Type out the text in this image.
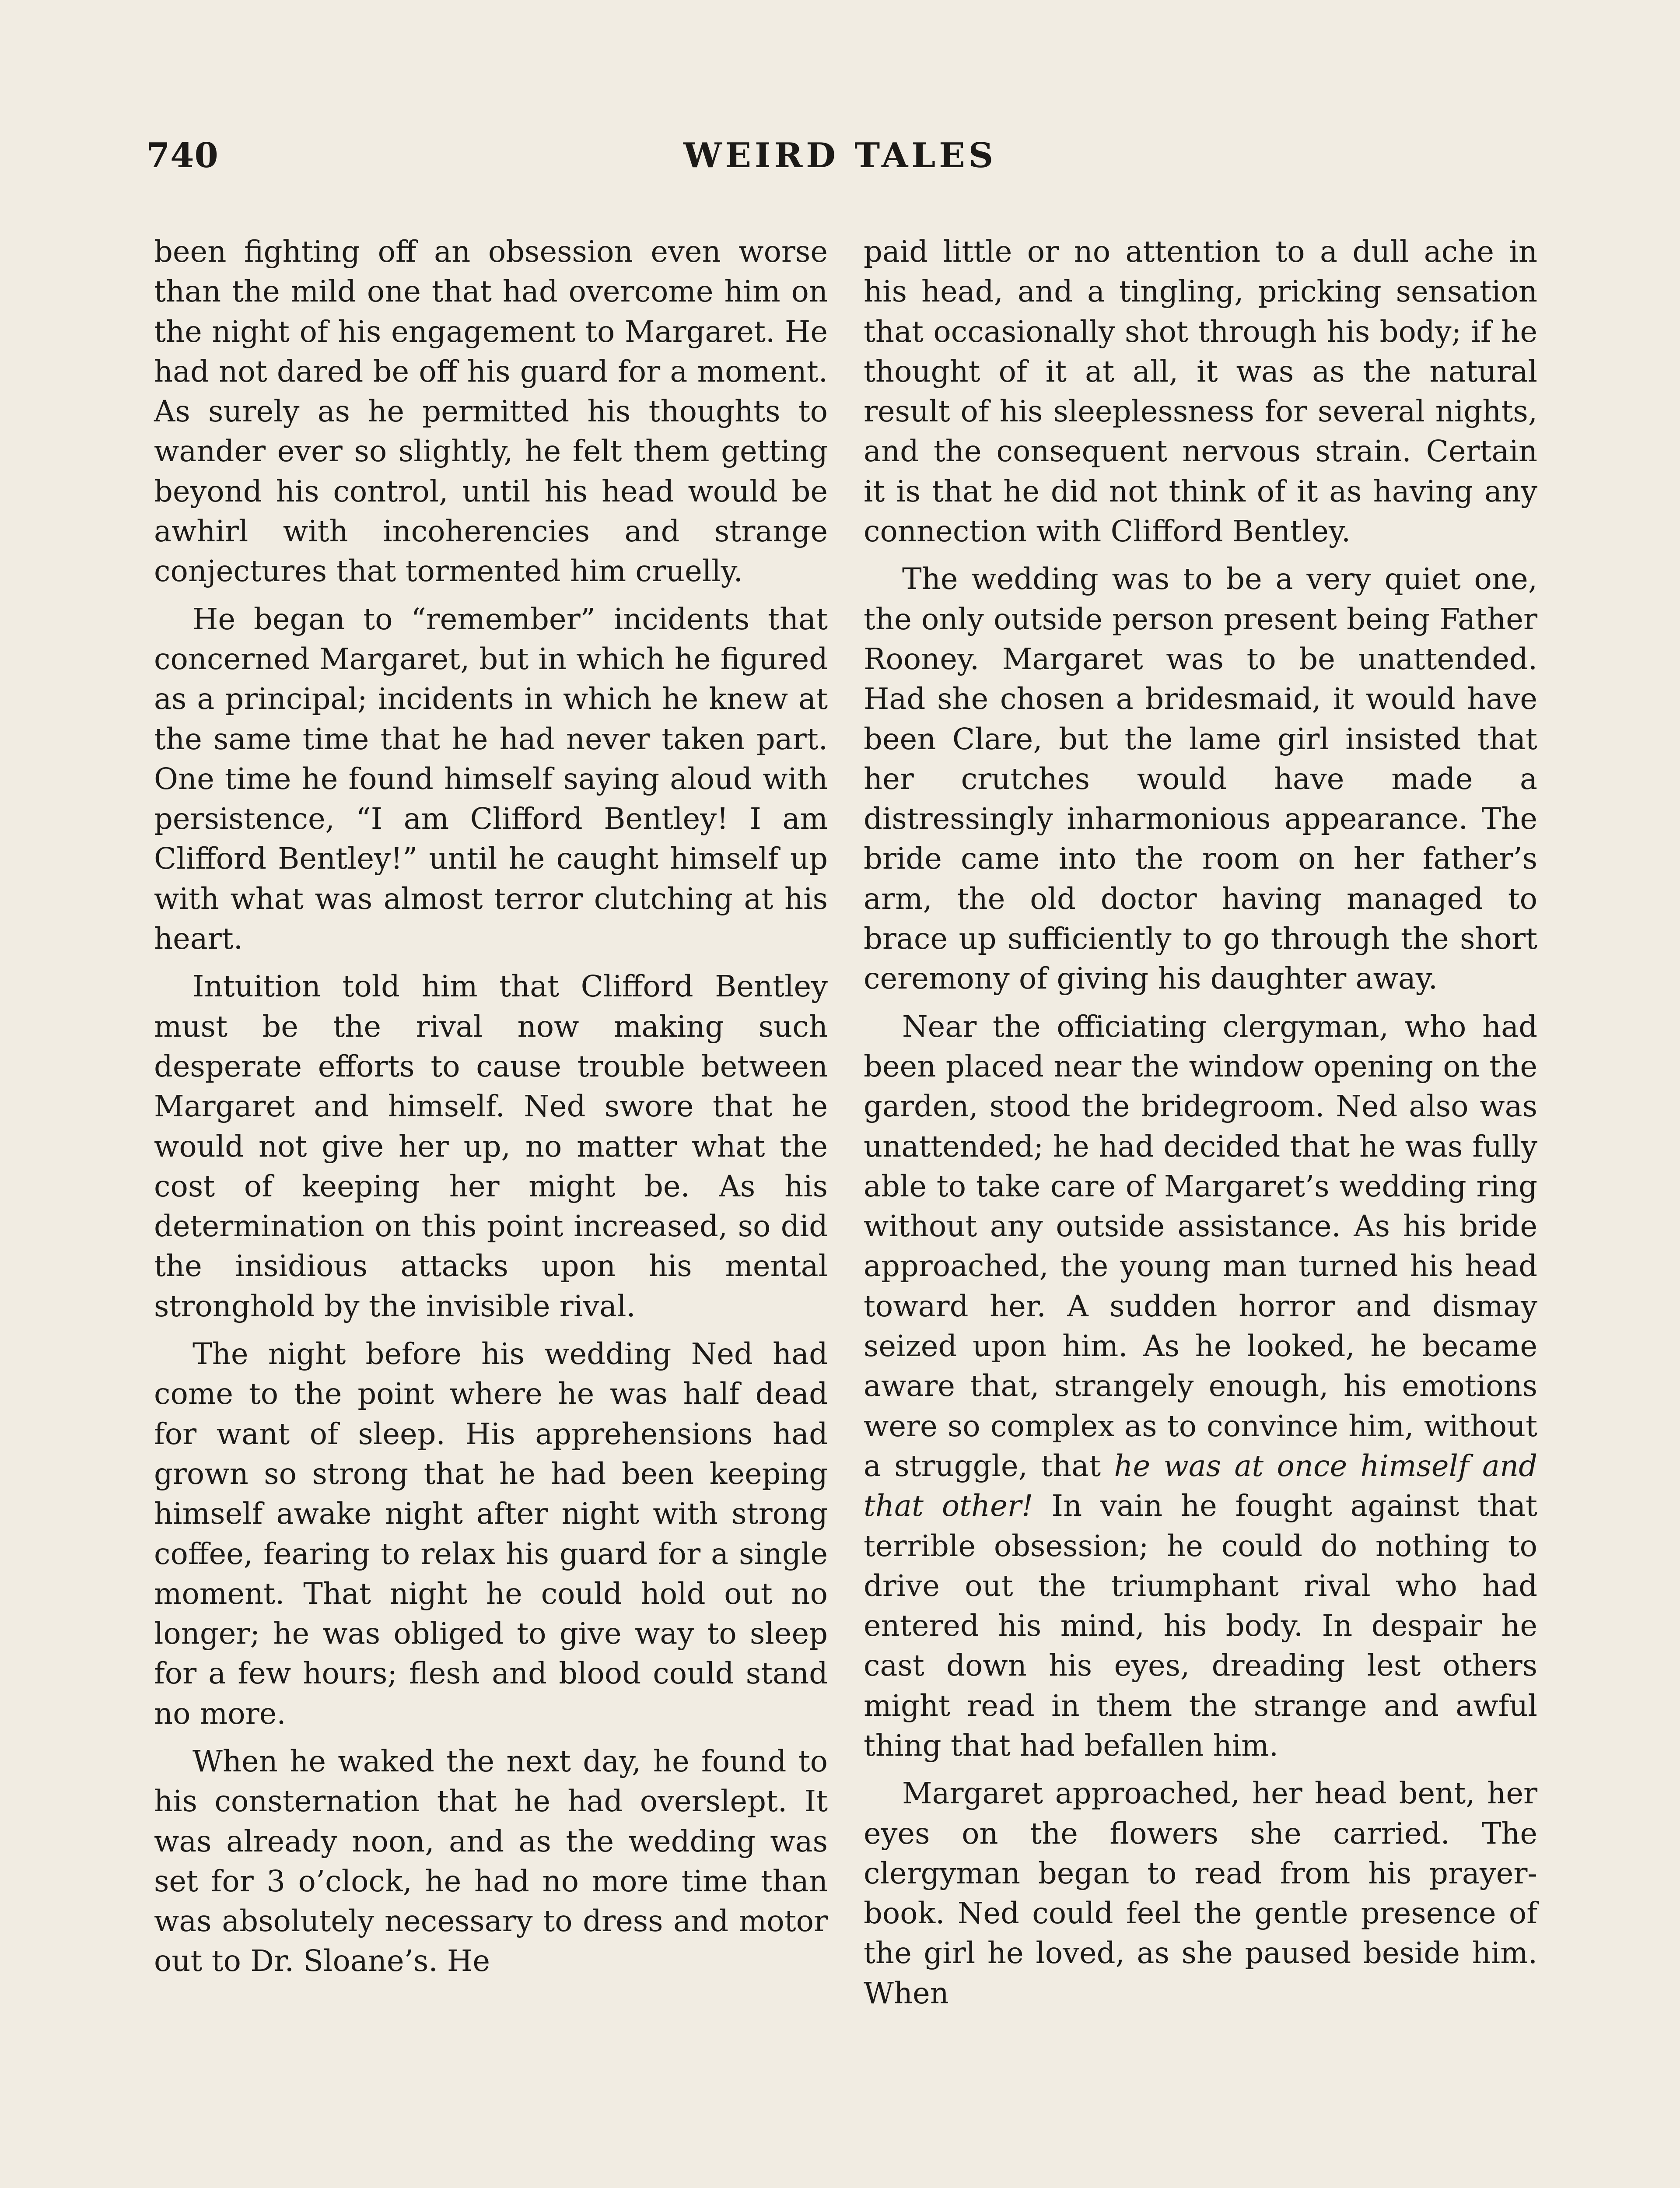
740	WEIRD TALES

been fighting off an obsession even worse than the mild one that had overcome him on the night of his engagement to Margaret. He had not dared be off his guard for a moment. As surely as he permitted his thoughts to wander ever so slightly, he felt them getting beyond his control, until his head would be awhirl with incoherencies and strange conjectures that tormented him cruelly.

He began to “remember” incidents that concerned Margaret, but in which he figured as a principal; incidents in which he knew at the same time that he had never taken part. One time he found himself saying aloud with persistence, “I am Clifford Bentley! I am Clifford Bentley!” until he caught himself up with what was almost terror clutching at his heart.

Intuition told him that Clifford Bentley must be the rival now making such desperate efforts to cause trouble between Margaret and himself. Ned swore that he would not give her up, no matter what the cost of keeping her might be. As his determination on this point increased, so did the insidious attacks upon his mental stronghold by the invisible rival.

The night before his wedding Ned had come to the point where he was half dead for want of sleep. His apprehensions had grown so strong that he had been keeping himself awake night after night with strong coffee, fearing to relax his guard for a single moment. That night he could hold out no longer; he was obliged to give way to sleep for a few hours; flesh and blood could stand no more.

When he waked the next day, he found to his consternation that he had overslept. It was already noon, and as the wedding was set for 3 o’clock, he had no more time than was absolutely necessary to dress and motor out to Dr. Sloane’s. He

paid little or no attention to a dull ache in his head, and a tingling, pricking sensation that occasionally shot through his body; if he thought of it at all, it was as the natural result of his sleeplessness for several nights, and the consequent nervous strain. Certain it is that he did not think of it as having any connection with Clifford Bentley.

The wedding was to be a very quiet one, the only outside person present being Father Rooney. Margaret was to be unattended. Had she chosen a bridesmaid, it would have been Clare, but the lame girl insisted that her crutches would have made a distressingly inharmonious appearance. The bride came into the room on her father’s arm, the old doctor having managed to brace up sufficiently to go through the short ceremony of giving his daughter away.

Near the officiating clergyman, who had been placed near the window opening on the garden, stood the bridegroom. Ned also was unattended; he had decided that he was fully able to take care of Margaret’s wedding ring without any outside assistance. As his bride approached, the young man turned his head toward her. A sudden horror and dismay seized upon him. As he looked, he became aware that, strangely enough, his emotions were so complex as to convince him, without a struggle, that he was at once himself and that other! In vain he fought against that terrible obsession; he could do nothing to drive out the triumphant rival who had entered his mind, his body. In despair he cast down his eyes, dreading lest others might read in them the strange and awful thing that had befallen him.

Margaret approached, her head bent, her eyes on the flowers she carried. The clergyman began to read from his prayer-book. Ned could feel the gentle presence of the girl he loved, as she paused beside him. When
